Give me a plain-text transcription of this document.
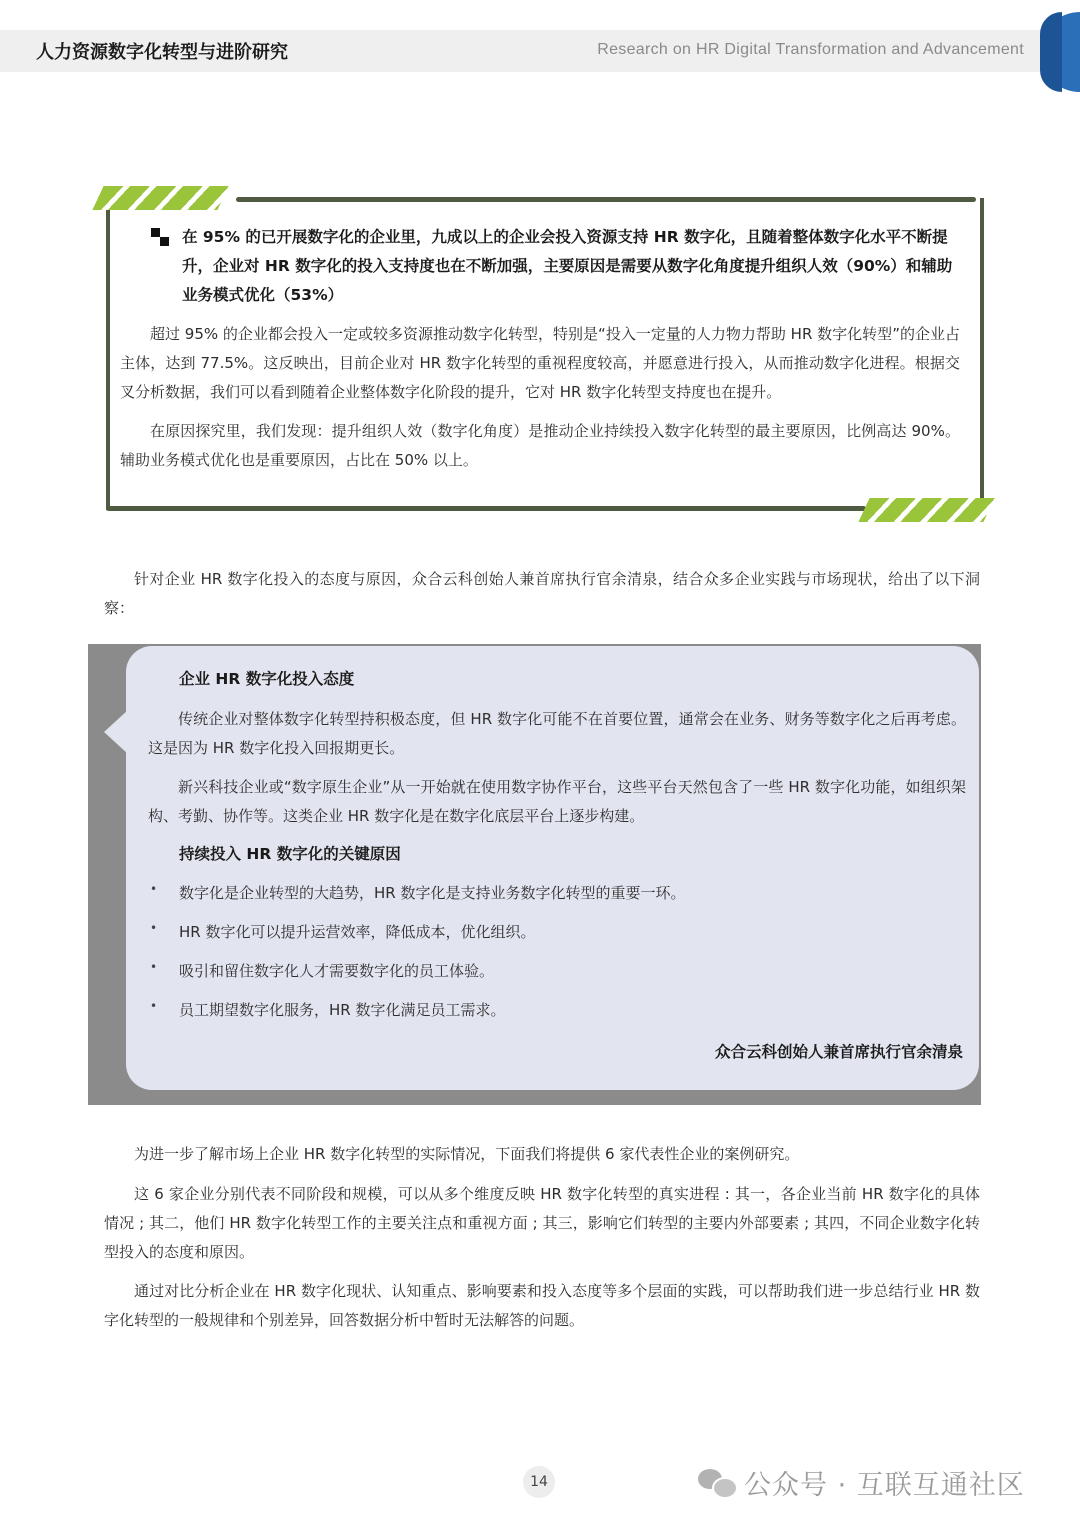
人力资源数字化转型与进阶研究	Research on HR Digital Transformation and Advancement
在 95% 的已开展数字化的企业里，九成以上的企业会投入资源支持 HR 数字化，且随着整体数字化水平不断提升，企业对 HR 数字化的投入支持度也在不断加强，主要原因是需要从数字化角度提升组织人效（90%）和辅助业务模式优化（53%）
超过 95% 的企业都会投入一定或较多资源推动数字化转型，特别是“投入一定量的人力物力帮助 HR 数字化转型”的企业占主体，达到 77.5%。这反映出，目前企业对 HR 数字化转型的重视程度较高，并愿意进行投入，从而推动数字化进程。根据交叉分析数据，我们可以看到随着企业整体数字化阶段的提升，它对 HR 数字化转型支持度也在提升。
在原因探究里，我们发现：提升组织人效（数字化角度）是推动企业持续投入数字化转型的最主要原因，比例高达 90%。辅助业务模式优化也是重要原因，占比在 50% 以上。
针对企业 HR 数字化投入的态度与原因，众合云科创始人兼首席执行官余清泉，结合众多企业实践与市场现状，给出了以下洞察：
企业 HR 数字化投入态度
传统企业对整体数字化转型持积极态度，但 HR 数字化可能不在首要位置，通常会在业务、财务等数字化之后再考虑。这是因为 HR 数字化投入回报期更长。
新兴科技企业或“数字原生企业”从一开始就在使用数字协作平台，这些平台天然包含了一些 HR 数字化功能，如组织架构、考勤、协作等。这类企业 HR 数字化是在数字化底层平台上逐步构建。
持续投入 HR 数字化的关键原因
• 数字化是企业转型的大趋势，HR 数字化是支持业务数字化转型的重要一环。
• HR 数字化可以提升运营效率，降低成本，优化组织。
• 吸引和留住数字化人才需要数字化的员工体验。
• 员工期望数字化服务，HR 数字化满足员工需求。
众合云科创始人兼首席执行官余清泉
为进一步了解市场上企业 HR 数字化转型的实际情况，下面我们将提供 6 家代表性企业的案例研究。
这 6 家企业分别代表不同阶段和规模，可以从多个维度反映 HR 数字化转型的真实进程 : 其一，各企业当前 HR 数字化的具体情况 ; 其二，他们 HR 数字化转型工作的主要关注点和重视方面 ; 其三，影响它们转型的主要内外部要素 ; 其四，不同企业数字化转型投入的态度和原因。
通过对比分析企业在 HR 数字化现状、认知重点、影响要素和投入态度等多个层面的实践，可以帮助我们进一步总结行业 HR 数字化转型的一般规律和个别差异，回答数据分析中暂时无法解答的问题。
14	公众号 · 互联互通社区
